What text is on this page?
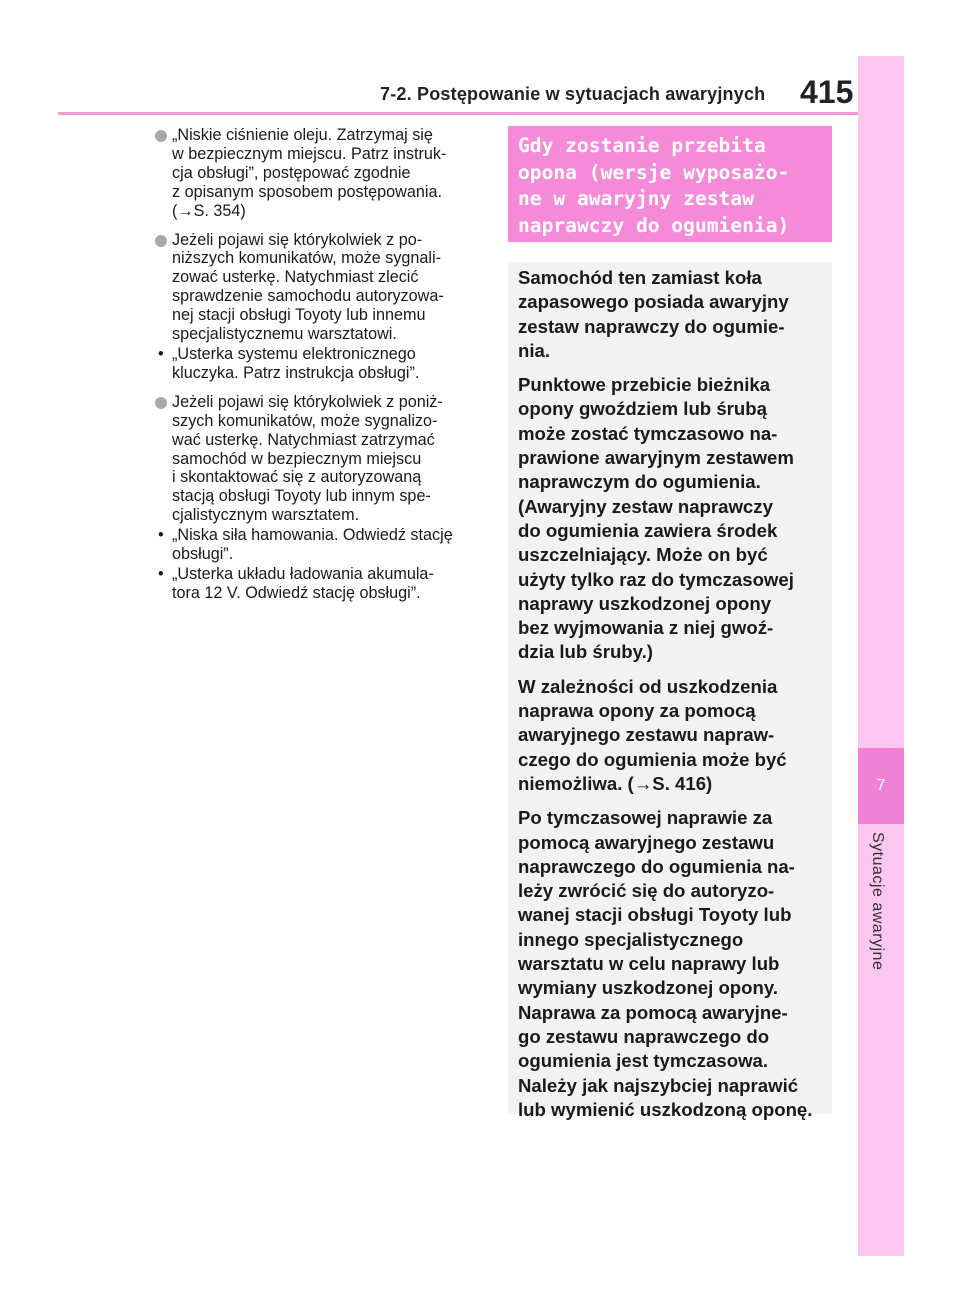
7-2. Postępowanie w sytuacjach awaryjnych 415
7
Sytuacje awaryjne
„Niskie ciśnienie oleju. Zatrzymaj się
w bezpiecznym miejscu. Patrz instruk-
cja obsługi”, postępować zgodnie
z opisanym sposobem postępowania.
(→S. 354)
Jeżeli pojawi się którykolwiek z po-
niższych komunikatów, może sygnali-
zować usterkę. Natychmiast zlecić
sprawdzenie samochodu autoryzowa-
nej stacji obsługi Toyoty lub innemu
specjalistycznemu warsztatowi.
• „Usterka systemu elektronicznego
kluczyka. Patrz instrukcja obsługi”.
Jeżeli pojawi się którykolwiek z poniż-
szych komunikatów, może sygnalizo-
wać usterkę. Natychmiast zatrzymać
samochód w bezpiecznym miejscu
i skontaktować się z autoryzowaną
stacją obsługi Toyoty lub innym spe-
cjalistycznym warsztatem.
• „Niska siła hamowania. Odwiedź stację
obsługi”.
• „Usterka układu ładowania akumula-
tora 12 V. Odwiedź stację obsługi”.
Gdy zostanie przebita
opona (wersje wyposażo-
ne w awaryjny zestaw
naprawczy do ogumienia)

Samochód ten zamiast koła
zapasowego posiada awaryjny
zestaw naprawczy do ogumie-
nia.

Punktowe przebicie bieżnika
opony gwoździem lub śrubą
może zostać tymczasowo na-
prawione awaryjnym zestawem
naprawczym do ogumienia.
(Awaryjny zestaw naprawczy
do ogumienia zawiera środek
uszczelniający. Może on być
użyty tylko raz do tymczasowej
naprawy uszkodzonej opony
bez wyjmowania z niej gwoź-
dzia lub śruby.)

W zależności od uszkodzenia
naprawa opony za pomocą
awaryjnego zestawu napraw-
czego do ogumienia może być
niemożliwa. (→S. 416)

Po tymczasowej naprawie za
pomocą awaryjnego zestawu
naprawczego do ogumienia na-
leży zwrócić się do autoryzo-
wanej stacji obsługi Toyoty lub
innego specjalistycznego
warsztatu w celu naprawy lub
wymiany uszkodzonej opony.
Naprawa za pomocą awaryjne-
go zestawu naprawczego do
ogumienia jest tymczasowa.
Należy jak najszybciej naprawić
lub wymienić uszkodzoną oponę.
